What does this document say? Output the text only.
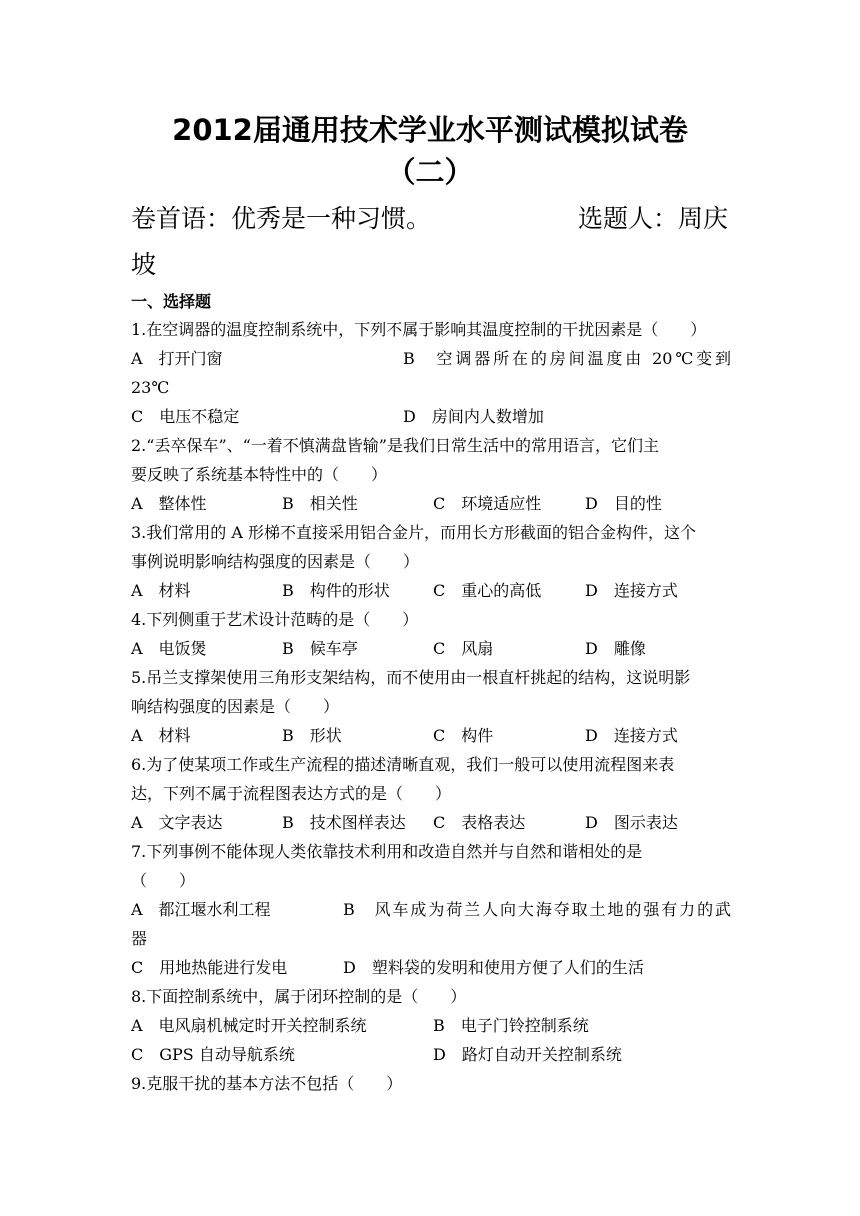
2012届通用技术学业水平测试模拟试卷
（二）
卷首语：优秀是一种习惯。	选题人：周庆
坡
一、选择题
1.在空调器的温度控制系统中，下列不属于影响其温度控制的干扰因素是（　　）
A　打开门窗	B　空调器所在的房间温度由 20℃变到
23℃
C　电压不稳定	D　房间内人数增加
2.“丢卒保车”、“一着不慎满盘皆输”是我们日常生活中的常用语言，它们主
要反映了系统基本特性中的（　　）
A　整体性	B　相关性	C　环境适应性	D　目的性
3.我们常用的 A 形梯不直接采用铝合金片，而用长方形截面的铝合金构件，这个
事例说明影响结构强度的因素是（　　）
A　材料	B　构件的形状	C　重心的高低	D　连接方式
4.下列侧重于艺术设计范畴的是（　　）
A　电饭煲	B　候车亭	C　风扇	D　雕像
5.吊兰支撑架使用三角形支架结构，而不使用由一根直杆挑起的结构，这说明影
响结构强度的因素是（　　）
A　材料	B　形状	C　构件	D　连接方式
6.为了使某项工作或生产流程的描述清晰直观，我们一般可以使用流程图来表
达，下列不属于流程图表达方式的是（　　）
A　文字表达	B　技术图样表达 C　表格表达	D　图示表达
7.下列事例不能体现人类依靠技术利用和改造自然并与自然和谐相处的是
（　　）
A　都江堰水利工程	B　风车成为荷兰人向大海夺取土地的强有力的武
器
C　用地热能进行发电	D　塑料袋的发明和使用方便了人们的生活
8.下面控制系统中，属于闭环控制的是（　　）
A　电风扇机械定时开关控制系统	B　电子门铃控制系统
C　GPS 自动导航系统	D　路灯自动开关控制系统
9.克服干扰的基本方法不包括（　　）
